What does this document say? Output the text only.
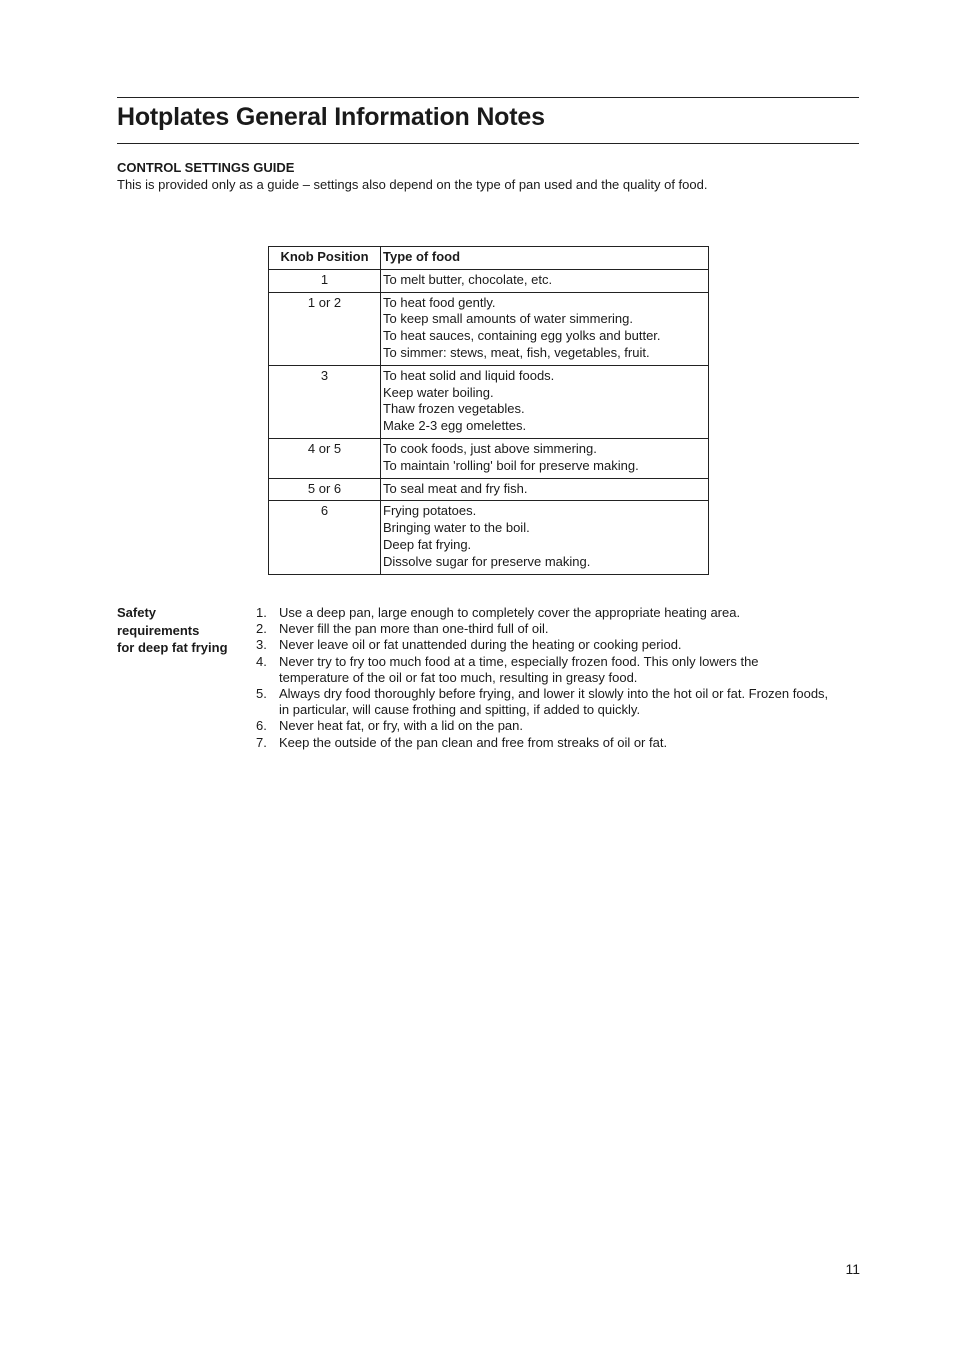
Hotplates General Information Notes
CONTROL SETTINGS GUIDE

This is provided only as a guide – settings also depend on the type of pan used and the quality of food.

Knob Position	Type of food
1	To melt butter, chocolate, etc.

1 or 2	To heat food gently.
To keep small amounts of water simmering.
To heat sauces, containing egg yolks and butter.
To simmer: stews, meat, fish, vegetables, fruit.

3	To heat solid and liquid foods.
Keep water boiling.
Thaw frozen vegetables.
Make 2-3 egg omelettes.

4 or 5	To cook foods, just above simmering.
To maintain 'rolling' boil for preserve making.

5 or 6	To seal meat and fry fish.

6	Frying potatoes.
Bringing water to the boil.
Deep fat frying.
Dissolve sugar for preserve making.
Safety
requirements
for deep fat frying
1. Use a deep pan, large enough to completely cover the appropriate heating area.
2. Never fill the pan more than one-third full of oil.
3. Never leave oil or fat unattended during the heating or cooking period.
4. Never try to fry too much food at a time, especially frozen food. This only lowers the
temperature of the oil or fat too much, resulting in greasy food.
5. Always dry food thoroughly before frying, and lower it slowly into the hot oil or fat. Frozen foods,
in particular, will cause frothing and spitting, if added to quickly.
6. Never heat fat, or fry, with a lid on the pan.
7. Keep the outside of the pan clean and free from streaks of oil or fat.
11
